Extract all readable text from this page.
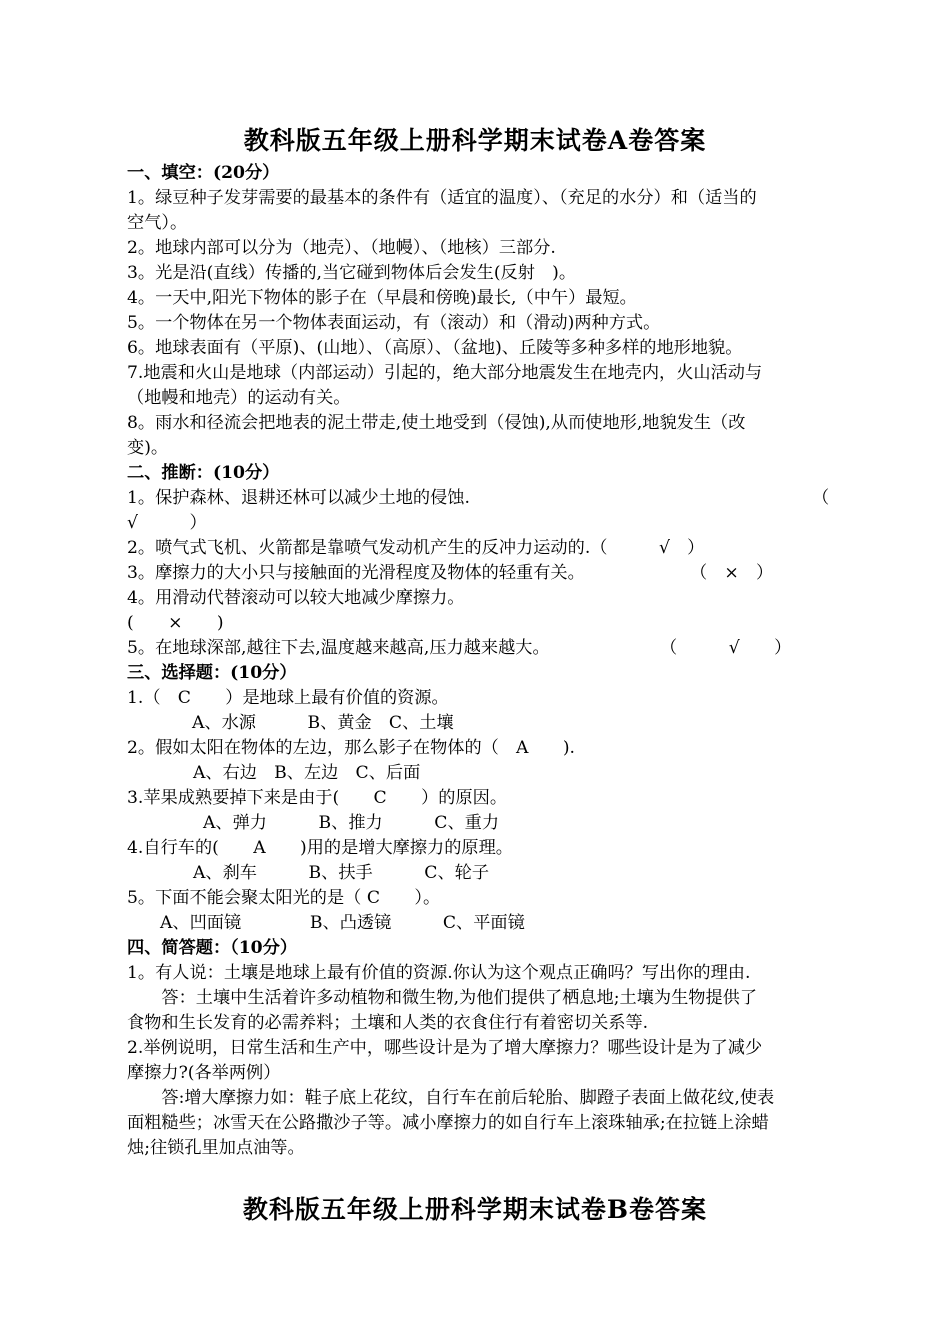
教科版五年级上册科学期末试卷A卷答案
一、填空：(20分）
1。绿豆种子发芽需要的最基本的条件有（适宜的温度）、（充足的水分）和（适当的
空气）。
2。地球内部可以分为（地壳）、（地幔）、（地核）三部分.
3。光是沿(直线）传播的,当它碰到物体后会发生(反射　)。
4。一天中,阳光下物体的影子在（早晨和傍晚)最长,（中午）最短。
5。一个物体在另一个物体表面运动，有（滚动）和（滑动)两种方式。
6。地球表面有（平原)、(山地）、（高原）、（盆地)、丘陵等多种多样的地形地貌。
7.地震和火山是地球（内部运动）引起的，绝大部分地震发生在地壳内，火山活动与
（地幔和地壳）的运动有关。
8。雨水和径流会把地表的泥土带走,使土地受到（侵蚀),从而使地形,地貌发生（改
变)。
二、推断：(10分）
1。保护森林、退耕还林可以减少土地的侵蚀.	（
√　　　）
2。喷气式飞机、火箭都是靠喷气发动机产生的反冲力运动的.（　　　√　）
3。摩擦力的大小只与接触面的光滑程度及物体的轻重有关。	（　×　）
4。用滑动代替滚动可以较大地减少摩擦力。
(　　×　　)
5。在地球深部,越往下去,温度越来越高,压力越来越大。	（　　　√　　）
三、选择题：(10分）
1.（　C　　）是地球上最有价值的资源。
A、水源　　　B、黄金　C、土壤
2。假如太阳在物体的左边，那么影子在物体的（　A　　).
A、右边　B、左边　C、后面
3.苹果成熟要掉下来是由于(　　C　　）的原因。
A、弹力　　　B、推力　　　C、重力
4.自行车的(　　A　　)用的是增大摩擦力的原理。
A、刹车　　　B、扶手　　　C、轮子
5。下面不能会聚太阳光的是（ C　　）。
A、凹面镜　　　　B、凸透镜　　　C、平面镜
四、简答题：（10分）
1。有人说：土壤是地球上最有价值的资源.你认为这个观点正确吗？写出你的理由.
　　答：土壤中生活着许多动植物和微生物,为他们提供了栖息地;土壤为生物提供了
食物和生长发育的必需养料；土壤和人类的衣食住行有着密切关系等.
2.举例说明，日常生活和生产中，哪些设计是为了增大摩擦力？哪些设计是为了减少
摩擦力?(各举两例）
　　答:增大摩擦力如：鞋子底上花纹，自行车在前后轮胎、脚蹬子表面上做花纹,使表
面粗糙些；冰雪天在公路撒沙子等。减小摩擦力的如自行车上滚珠轴承;在拉链上涂蜡
烛;往锁孔里加点油等。
教科版五年级上册科学期末试卷B卷答案
